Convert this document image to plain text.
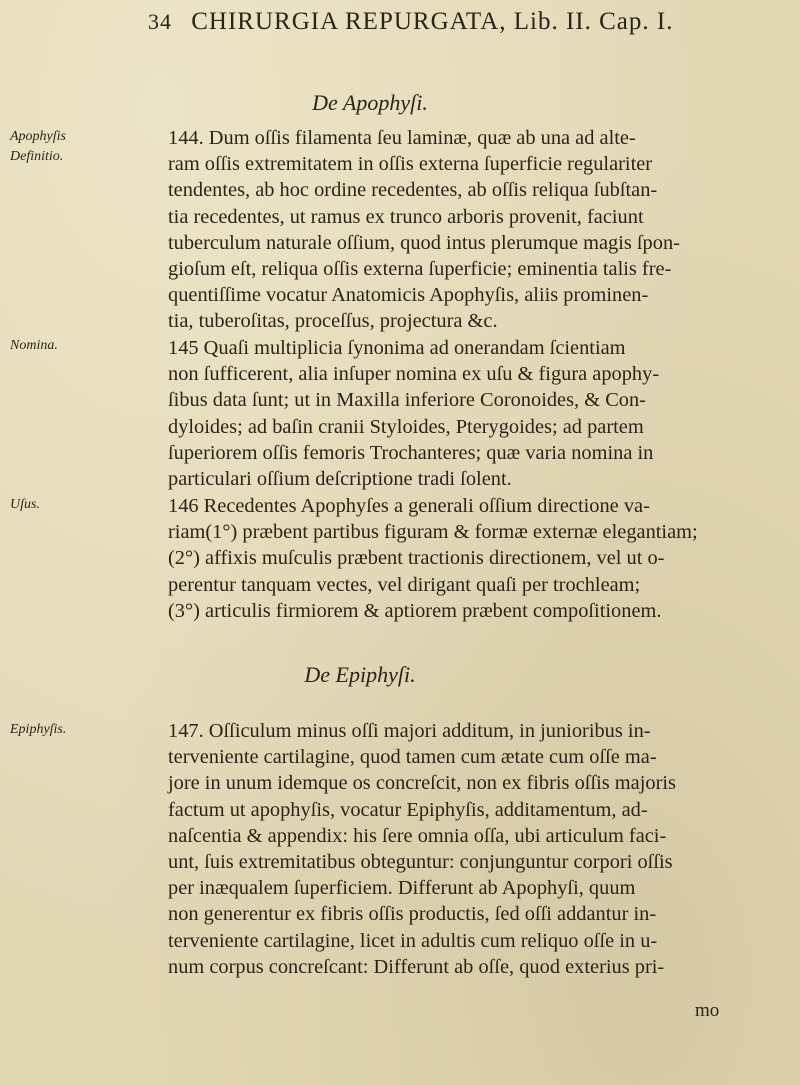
34 CHIRURGIA REPURGATA, Lib. II. Cap. I.
De Apophyſi.
Apophyſis
Definitio.
144. Dum oſſis filamenta ſeu laminæ, quæ ab una ad alte-
ram oſſis extremitatem in oſſis externa ſuperficie regulariter
tendentes, ab hoc ordine recedentes, ab oſſis reliqua ſubſtan-
tia recedentes, ut ramus ex trunco arboris provenit, faciunt
tuberculum naturale oſſium, quod intus plerumque magis ſpon-
gioſum eſt, reliqua oſſis externa ſuperficie; eminentia talis fre-
quentiſſime vocatur Anatomicis Apophyſis, aliis prominen-
tia, tuberoſitas, proceſſus, projectura &c.
Nomina.	145 Quaſi multiplicia ſynonima ad onerandam ſcientiam
non ſufficerent, alia inſuper nomina ex uſu & figura apophy-
ſibus data ſunt; ut in Maxilla inferiore Coronoides, & Con-
dyloides; ad baſin cranii Styloides, Pterygoides; ad partem
ſuperiorem oſſis femoris Trochanteres; quæ varia nomina in
particulari oſſium deſcriptione tradi ſolent.
Uſus.	146 Recedentes Apophyſes a generali oſſium directione va-
riam(1°) præbent partibus figuram & formæ externæ elegantiam;
(2°) affixis muſculis præbent tractionis directionem, vel ut o-
perentur tanquam vectes, vel dirigant quaſi per trochleam;
(3°) articulis firmiorem & aptiorem præbent compoſitionem.
De Epiphyſi.
Epiphyſis.	147. Oſſiculum minus oſſi majori additum, in junioribus in-
terveniente cartilagine, quod tamen cum ætate cum oſſe ma-
jore in unum idemque os concreſcit, non ex fibris oſſis majoris
factum ut apophyſis, vocatur Epiphyſis, additamentum, ad-
naſcentia & appendix: his ſere omnia oſſa, ubi articulum faci-
unt, ſuis extremitatibus obteguntur: conjunguntur corpori oſſis
per inæqualem ſuperficiem. Differunt ab Apophyſi, quum
non generentur ex fibris oſſis productis, ſed oſſi addantur in-
terveniente cartilagine, licet in adultis cum reliquo oſſe in u-
num corpus concreſcant: Differunt ab oſſe, quod exterius pri-
mo
